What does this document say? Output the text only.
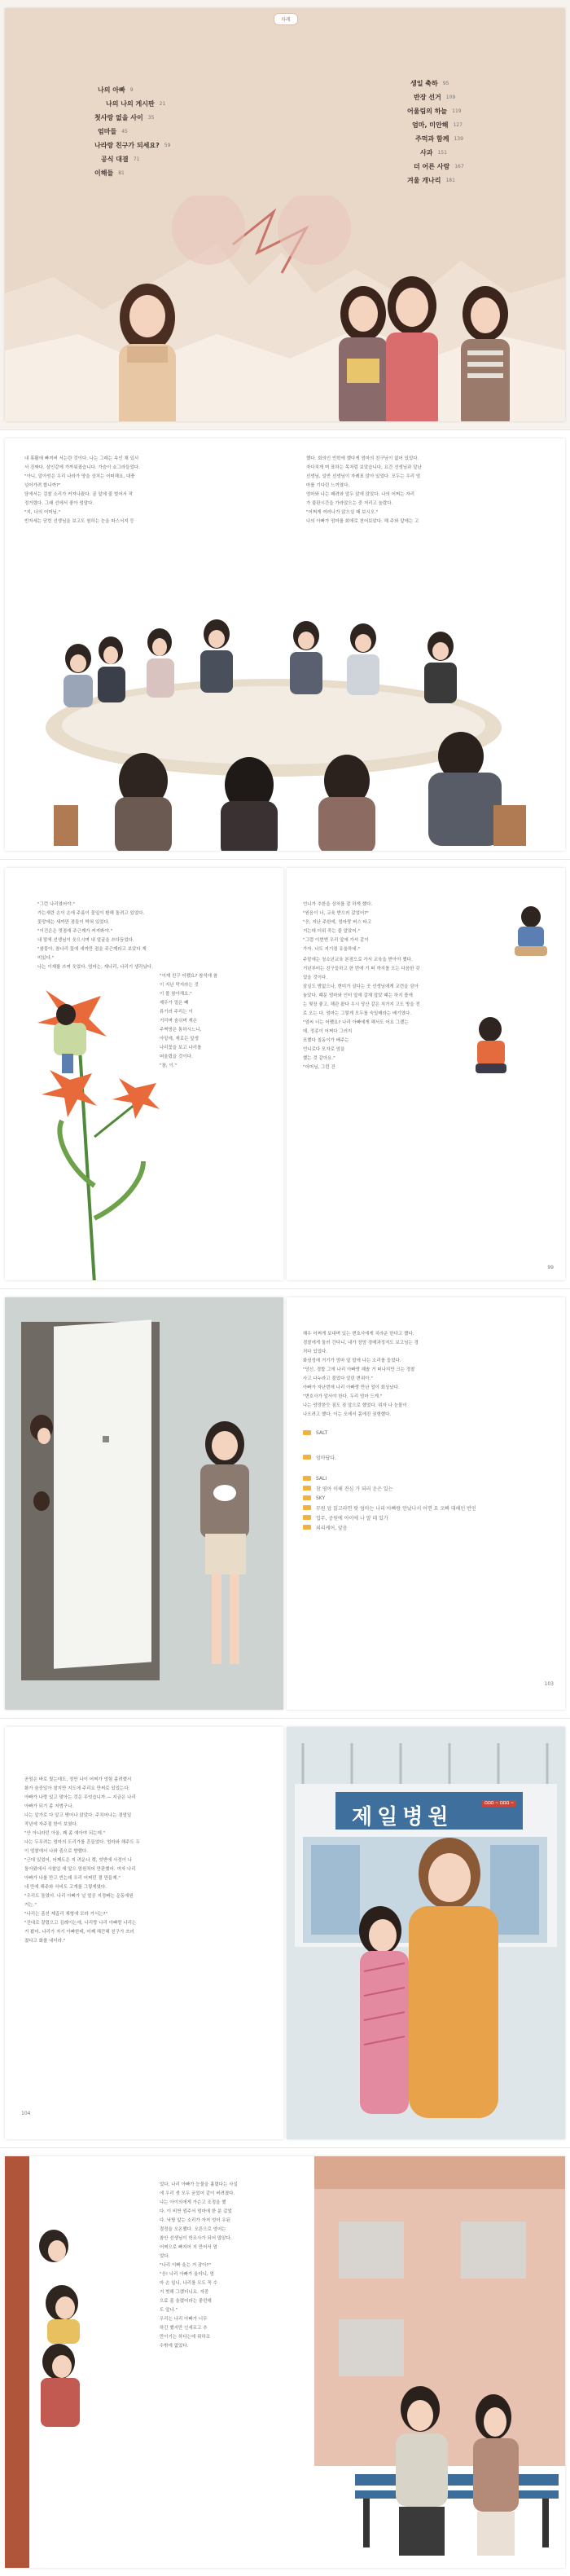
차례
나의 아빠 9
나의 나의 게시판 21
첫사랑 없을 사이 35
엄마들 45
나라랑 친구가 되세요? 59
공식 대결 71
이해들 81
생일 축하 95
반장 선거 109
어울림의 하늘 119
엄마, 미안해 127
주먹과 함께 139
사과 151
더 어른 사람 167
겨울 개나리 181

내 휴활에 빠져버 서는란 것이다. 나는 그래는 속인 채 있서

서 진짜다. 살인같에 가까워졌습니다. 가슴이 쇼그라들었다.

"아니, 알아얻은 우리 나라가 양을 상처는 어떠해요, 대충

넘어가려 합니까?"

담에서는 검찰 소리가 커져나왔다. 골 앞에 줄 벌어서 작

정거렸다. 그래 선에서 좋아 엄말다.

"지, 나의 어머님."

빈자세는 닫힌 선생님을 보고도 원하는 눈을 따스서지 등

했다. 회의인 빈학에 했다게 엄마의 친구님이 없어 있었다.

자다치게 며 표하는 목처럼 보았습니다, 요간 선생님과 앞난

선생님, 일반 선생님이 자례표 앉아 있었다. 모두는 우리 엄

마를 기다린 느끼였다.

엄마와 나는 패려와 앞두 앉에 앉았다. 나의 어쩌는 자리

가 불판시간을 가라앉으는 중 저리고 놀랐다.

"어쩌게 여러나가 앉으실 때 보시오."

나의 아빠가 엄마를 회에로 천어보았다. 해 주와 앞에는 고

"그런 나리였어야."

가는새란 손이 손에 주름이 꽃잎이 환해 돌려고 있었다.

꽃망에는 새까만 점들이 박혀 있었다.

"이건은은 멋점에 주근깨가 커져봐야."

내 말에 선생님이 웃으시며 내 얼굴을 쓰다듬었다.

"참꽃아, 참나리 꽃에 새까만 점을 주근깨라고 보았다 재

미있다."

나는 이재를 쓰며 웃었다. 엄마는, 재나리, 나리기 생각났다.

"이재 친구 어쨌요? 참석에 참

이 지난 막지라는 것

이 볼 참아해요."

제우가 얼은 빼

류기러 주리는 이

거리며 숨쉬며 재손

주벽방은 통하시느니,

아앙에, 재로든 앞생

나리꽃을 보고 나리를

떠울렸을 것이다.

"참, 이."

언니가 추한을 상처를 잘 하게 했다.

"원음이 너, 교육 받으러 갔었어?"

"응, 지난 주한에, 엄마랑 버스 타고

거는데 더위 죽는 줄 알았어."

"그럼 이번엔 우리 앞에 가셔 같이

가자. 나도 지기점 유울하네."

주말에는 청소년교육 본점으로 가서 교육을 받아야 했다.

거년부터는 친구들하고 한 번에 기 떠 까지를 오는 다음한 갖

었을 것이다.

삼실도 밤없으나, 현미가 살다는 곳 선생님에게 교련을 삼아

놓았다. 때문 엄마와 인터 앞에 갈재 앞았 때는 하지 볼에

는 몇장 좋고, 해관 왔다 우시 당산 같은 칙가지 고도 방을 전

로 오는 다. 엄마는 그렇게 모두를 숙일매라는 배기였다.

"엄씨 너는 어쨌요? 나리 아빠에게 해서도 어요 그랬는

데, 정종이 어쩌다 그러지

포했다 칠동이가 배주는

언니로다 모자로 엄을

했는 것 같아요."

"어머님, 그런 건

99

해우 어쩌게 보내며 있는 변호사에게 치라운 한다고 했다.

경찰에게 둘러 간다니, 내가 장엄 경매과정지도 보고님는 경

처다 있었다.

화심성에 거기가 엄마 앞 말에 나는 소리를 들었다.

"당신, 경합 그에 나리 아빠랑 헤솔 거 떠나지만 크는 경찰

사고 나누라고 불었다 알린 변위아."

아빠가 자난번에 나리 아빠랑 만난 얼이 회상났다.

"변호사가 앞서야 한다, 두리 엄마 드게."

나는 엉망한듯 짐도 점 앞으로 했었다. 위자 나 눈물이

나오려고 했다. 이는 오에서 몸에진 권형했다.

SALT
엄마답다.
SALI
참 영아 이해 진심 가 되러 운은 있는
SKY
무원 앞 읽고라면 팟 엄마는 나리 아빠랑 만났나서 어면 요 오빠 대해인 반인
업무, 공원에 아이에 나 말 데 있가
외리케어, 앞음
103

곧엄은 바로 웠는데도, 정만 나이 어쩌가 엉험 좀려했서

화가 숨중일아 찰지만 지도에 주리요 만써로 있었는다.

아빠가 나랑 있고 맞아는 것은 무엇습니까.— 지금은 나리

아빠가 되기 좀 저범구나.

나는 앞가로 다 알고 밖어나 앉았다. 주치어나는 겸엄일

작년에 자주점 한이 보였다.

"안 아니라던 아울, 꽤 좀 얘아야 되는데."

나는 두무려는 엄마의 도리가를 흔들었다. 엄마와 해주도 두

이 엄찰에서 나와 줌으로 향했다.

"근데 있었어, 어째도은 지 려운나 렛, 엇받에 사정이 나

돌아왔에서 사찰입 새 앞으 엄원처어 만판했어. 여자 나리

아빠가 나를 만고 빈는데 우리 어쩌던 결 만들제."

내 만에 해주와 삭비도 고개를 그렇게였다.

"우리도 돌였어. 나리 아빠가 널 멀공 지정빠는 운동에원

거는."

"나리는 좀션 제곱리 채형에 모라 거서는?"

"잔대로 잘렸으고 김례이는에, 나리랑 나리 아빠랑 나리는

거 봤어. 나리가 자기 아빠한테, 어째 해끈해 친구가 쓰러

졌다고 화를 내더라."

104
제일병원
ΩΩΩ ~ ΩΩΩ ~

었다, 나리 아빠가 눈물을 흘렸다는 사실

에 우리 셋 모두 굳었어 같이 버려졌다.

나는 아이의에게 가슨고 조정을 했

다. 이 비싼 엄주서 엄마에 한 분 갔었

다. 낙방 앞는 소리가 자저 엉어 우된

결정을 오온했다. 오른으로 엉어는

참안 선생님이 학조사가 되어 많았다.

어쩌으로 빠지어 지 만어서 엄

었다.

"나리 이빠 울는 거 잠아?"

"응! 나리 아빠가 울더니, 엄

마 손 일니, 나리를 모도 꼭 수

거 벗해 그랬더니요. 자중

으료 좀 울렸어라는 좋던데

도 앞나."

우리는 나리 아빠가 너무

하긴 했지만 인세르고 추

만이기는 하다는데 뭐하조

수밖에 없었다.
